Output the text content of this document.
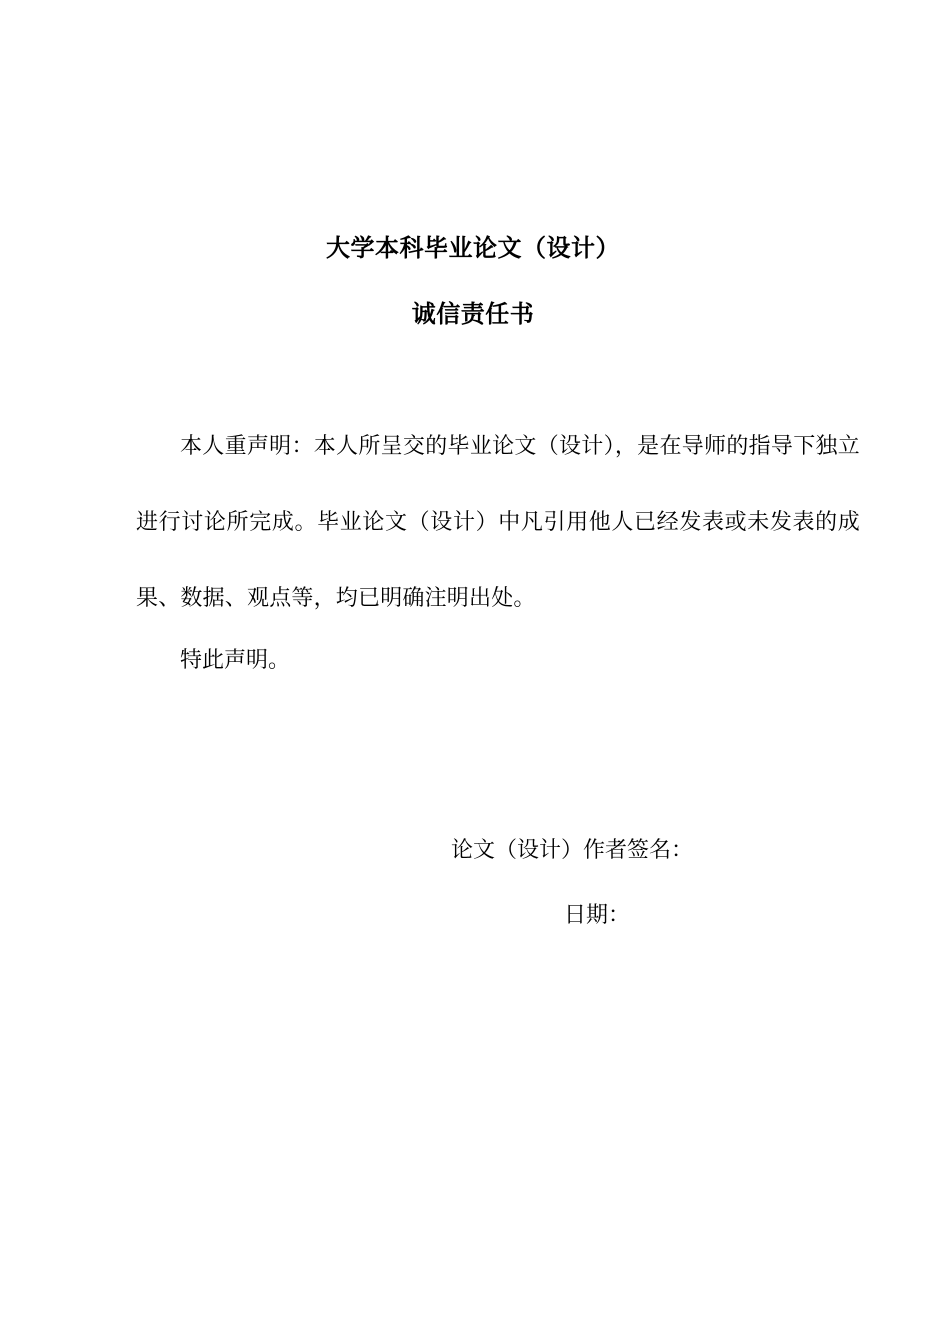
大学本科毕业论文（设计）
诚信责任书

本人重声明：本人所呈交的毕业论文（设计），是在导师的指导下独立进行讨论所完成。毕业论文（设计）中凡引用他人已经发表或未发表的成果、数据、观点等，均已明确注明出处。

特此声明。
论文（设计）作者签名：
日期：
